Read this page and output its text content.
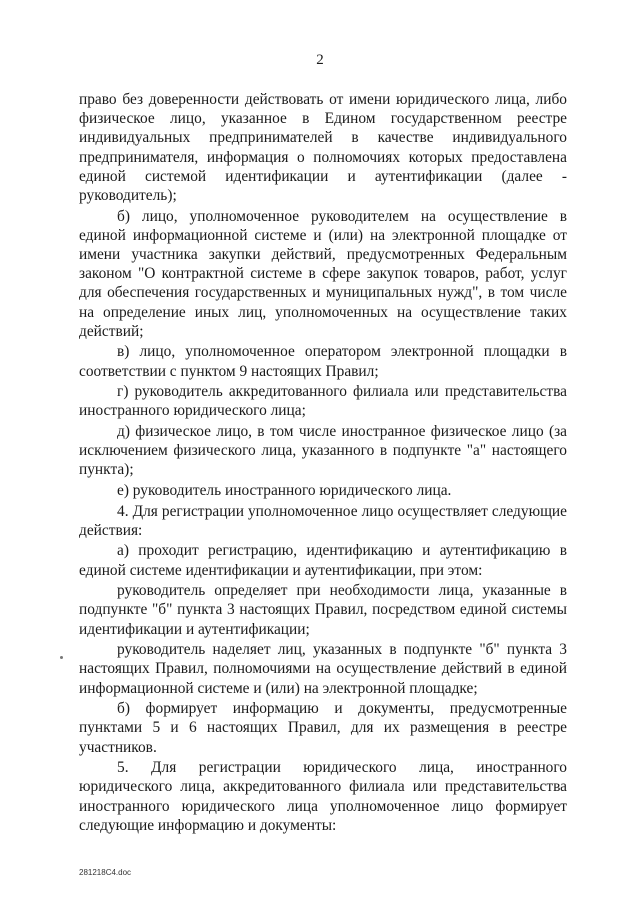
2

право без доверенности действовать от имени юридического лица, либо физическое лицо, указанное в Едином государственном реестре индивидуальных предпринимателей в качестве индивидуального предпринимателя, информация о полномочиях которых предоставлена единой системой идентификации и аутентификации (далее - руководитель);

б) лицо, уполномоченное руководителем на осуществление в единой информационной системе и (или) на электронной площадке от имени участника закупки действий, предусмотренных Федеральным законом "О контрактной системе в сфере закупок товаров, работ, услуг для обеспечения государственных и муниципальных нужд", в том числе на определение иных лиц, уполномоченных на осуществление таких действий;

в) лицо, уполномоченное оператором электронной площадки в соответствии с пунктом 9 настоящих Правил;

г) руководитель аккредитованного филиала или представительства иностранного юридического лица;

д) физическое лицо, в том числе иностранное физическое лицо (за исключением физического лица, указанного в подпункте "а" настоящего пункта);

е) руководитель иностранного юридического лица.

4. Для регистрации уполномоченное лицо осуществляет следующие действия:

а) проходит регистрацию, идентификацию и аутентификацию в единой системе идентификации и аутентификации, при этом:

руководитель определяет при необходимости лица, указанные в подпункте "б" пункта 3 настоящих Правил, посредством единой системы идентификации и аутентификации;

руководитель наделяет лиц, указанных в подпункте "б" пункта 3 настоящих Правил, полномочиями на осуществление действий в единой информационной системе и (или) на электронной площадке;

б) формирует информацию и документы, предусмотренные пунктами 5 и 6 настоящих Правил, для их размещения в реестре участников.

5. Для регистрации юридического лица, иностранного юридического лица, аккредитованного филиала или представительства иностранного юридического лица уполномоченное лицо формирует следующие информацию и документы:

281218C4.doc
